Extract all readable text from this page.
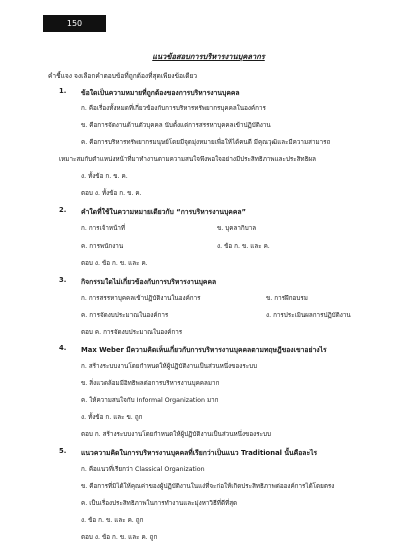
150
แนวข้อสอบการบริหารงานบุคลากร
คำชี้แจง จงเลือกคำตอบข้อที่ถูกต้องที่สุดเพียงข้อเดียว
1. ข้อใดเป็นความหมายที่ถูกต้องของการบริหารงานบุคคล
ก. คือเรื่องทั้งหมดที่เกี่ยวข้องกับการบริหารทรัพยากรบุคคลในองค์การ
ข. คือการจัดงานด้านตัวบุคคล นับตั้งแต่การสรรหาบุคคลเข้าปฏิบัติงาน
ค. คือการบริหารทรัพยากรมนุษย์โดยมีจุดมุ่งหมายเพื่อให้ได้คนดี มีคุณวุฒิและมีความสามารถ
เหมาะสมกับตำแหน่งหน้าที่มาทำงานตามความสนใจพึงพอใจอย่างมีประสิทธิภาพและประสิทธิผล
ง. ทั้งข้อ ก. ข. ค.
ตอบ ง. ทั้งข้อ ก. ข. ค.
2. คำใดที่ใช้ในความหมายเดียวกับ “การบริหารงานบุคคล”
ก. การเจ้าหน้าที่	ข. บุคลากิบาล
ค. การพนักงาน	ง. ข้อ ก. ข. และ ค.
ตอบ ง. ข้อ ก. ข. และ ค.
3. กิจกรรมใดไม่เกี่ยวข้องกับการบริหารงานบุคคล
ก. การสรรหาบุคคลเข้าปฏิบัติงานในองค์การ	ข. การฝึกอบรม
ค. การจัดงบประมาณในองค์การ	ง. การประเมินผลการปฏิบัติงาน
ตอบ ค. การจัดงบประมาณในองค์การ
4. Max Weber มีความคิดเห็นเกี่ยวกับการบริหารงานบุคคลตามทฤษฎีของเขาอย่างไร
ก. สร้างระบบงานโดยกำหนดให้ผู้ปฏิบัติงานเป็นส่วนหนึ่งของระบบ
ข. สิ่งแวดล้อมมีอิทธิพลต่อการบริหารงานบุคคลมาก
ค. ให้ความสนใจกับ Informal Organization มาก
ง. ทั้งข้อ ก. และ ข. ถูก
ตอบ ก. สร้างระบบงานโดยกำหนดให้ผู้ปฏิบัติงานเป็นส่วนหนึ่งของระบบ
5. แนวความคิดในการบริหารงานบุคคลที่เรียกว่าเป็นแนว Traditional นั้นคือละไร
ก. คือแนวที่เรียกว่า Classical Organization
ข. คือการที่มิได้ให้คุณค่าของผู้ปฏิบัติงานในแง่ที่จะก่อให้เกิดประสิทธิภาพต่อองค์การได้โดยตรง
ค. เป็นเรื่องประสิทธิภาพในการทำงานและมุ่งหาวิธีที่ดีที่สุด
ง. ข้อ ก. ข. และ ค. ถูก
ตอบ ง. ข้อ ก. ข. และ ค. ถูก
